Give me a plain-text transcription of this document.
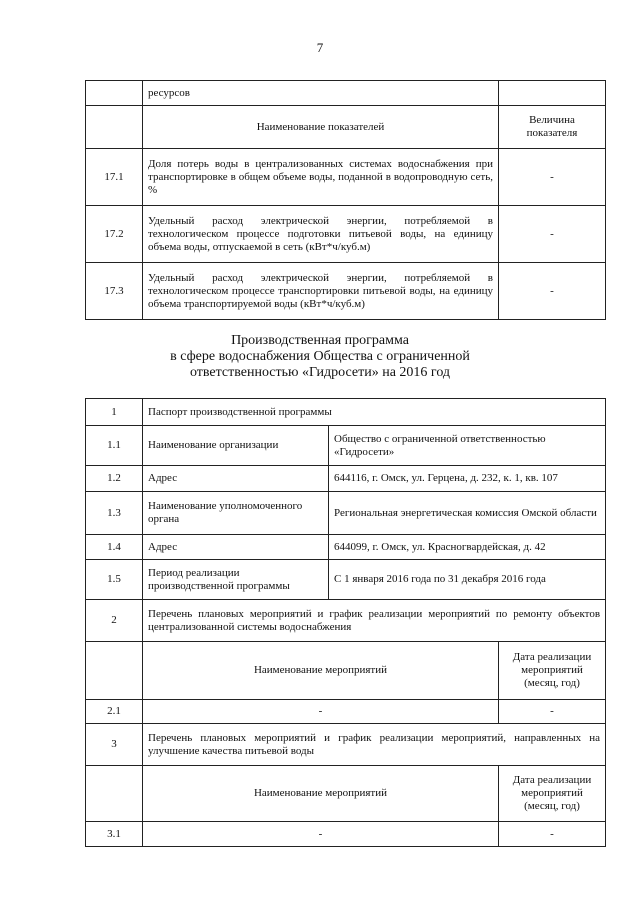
7
	ресурсов	
	Наименование показателей	Величина показателя
17.1	Доля потерь воды в централизованных системах водоснабжения при транспортировке в общем объеме воды, поданной в водопроводную сеть, %	-
17.2	Удельный расход электрической энергии, потребляемой в технологическом процессе подготовки питьевой воды, на единицу объема воды, отпускаемой в сеть (кВт*ч/куб.м)	-
17.3	Удельный расход электрической энергии, потребляемой в технологическом процессе транспортировки питьевой воды, на единицу объема транспортируемой воды (кВт*ч/куб.м)	-
Производственная программа
в сфере водоснабжения Общества с ограниченной
ответственностью «Гидросети» на 2016 год
1	Паспорт производственной программы		
1.1	Наименование организации	Общество с ограниченной ответственностью «Гидросети»	
1.2	Адрес	644116, г. Омск, ул. Герцена, д. 232, к. 1, кв. 107	
1.3	Наименование уполномоченного органа	Региональная энергетическая комиссия Омской области	
1.4	Адрес	644099, г. Омск, ул. Красногвардейская, д. 42	
1.5	Период реализации производственной программы	С 1 января 2016 года по 31 декабря 2016 года	
2	Перечень плановых мероприятий и график реализации мероприятий по ремонту объектов централизованной системы водоснабжения		
	Наименование мероприятий		Дата реализации мероприятий (месяц, год)
2.1	-		-
3	Перечень плановых мероприятий и график реализации мероприятий, направленных на улучшение качества питьевой воды		
	Наименование мероприятий		Дата реализации мероприятий (месяц, год)
3.1	-		-
